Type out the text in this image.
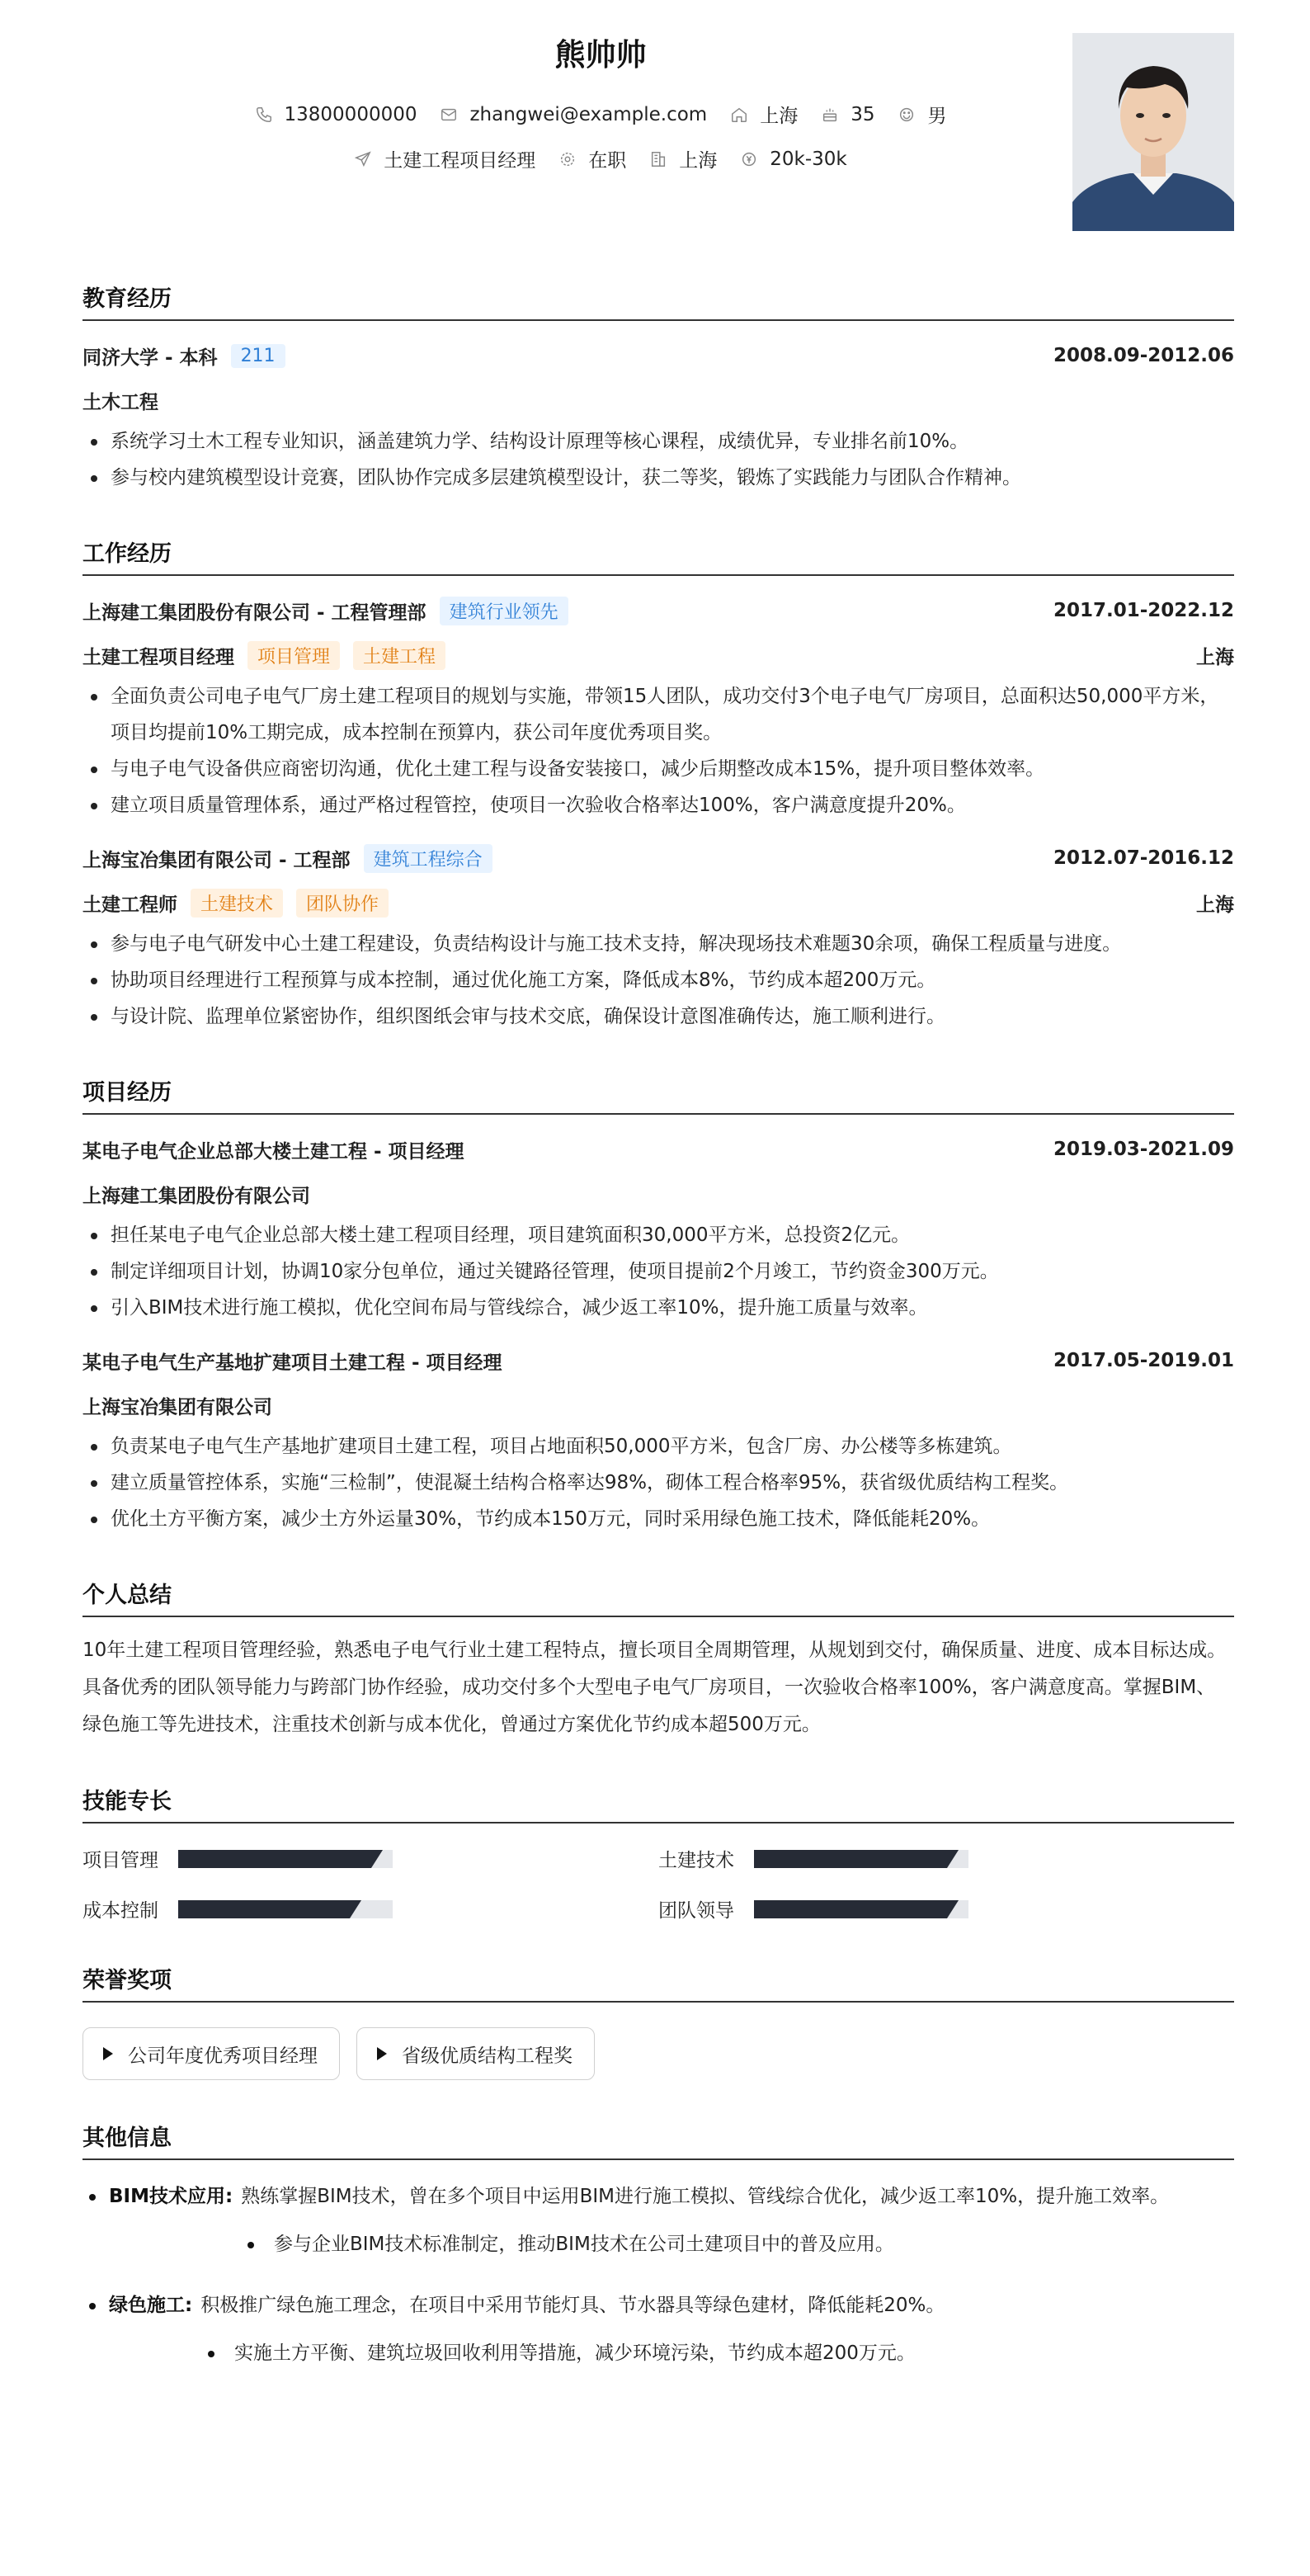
熊帅帅
13800000000	zhangwei@example.com	上海	35	男
土建工程项目经理	在职	上海	20k-30k
教育经历
同济大学 - 本科	211	2008.09-2012.06
土木工程
系统学习土木工程专业知识，涵盖建筑力学、结构设计原理等核心课程，成绩优异，专业排名前10%。
参与校内建筑模型设计竞赛，团队协作完成多层建筑模型设计，获二等奖，锻炼了实践能力与团队合作精神。
工作经历
上海建工集团股份有限公司 - 工程管理部	建筑行业领先	2017.01-2022.12
土建工程项目经理	项目管理	土建工程	上海
全面负责公司电子电气厂房土建工程项目的规划与实施，带领15人团队，成功交付3个电子电气厂房项目，总面积达50,000平方米，项目均提前10%工期完成，成本控制在预算内，获公司年度优秀项目奖。
与电子电气设备供应商密切沟通，优化土建工程与设备安装接口，减少后期整改成本15%，提升项目整体效率。
建立项目质量管理体系，通过严格过程管控，使项目一次验收合格率达100%，客户满意度提升20%。
上海宝冶集团有限公司 - 工程部	建筑工程综合	2012.07-2016.12
土建工程师	土建技术	团队协作	上海
参与电子电气研发中心土建工程建设，负责结构设计与施工技术支持，解决现场技术难题30余项，确保工程质量与进度。
协助项目经理进行工程预算与成本控制，通过优化施工方案，降低成本8%，节约成本超200万元。
与设计院、监理单位紧密协作，组织图纸会审与技术交底，确保设计意图准确传达，施工顺利进行。
项目经历
某电子电气企业总部大楼土建工程 - 项目经理	2019.03-2021.09
上海建工集团股份有限公司
担任某电子电气企业总部大楼土建工程项目经理，项目建筑面积30,000平方米，总投资2亿元。
制定详细项目计划，协调10家分包单位，通过关键路径管理，使项目提前2个月竣工，节约资金300万元。
引入BIM技术进行施工模拟，优化空间布局与管线综合，减少返工率10%，提升施工质量与效率。
某电子电气生产基地扩建项目土建工程 - 项目经理	2017.05-2019.01
上海宝冶集团有限公司
负责某电子电气生产基地扩建项目土建工程，项目占地面积50,000平方米，包含厂房、办公楼等多栋建筑。
建立质量管控体系，实施“三检制”，使混凝土结构合格率达98%，砌体工程合格率95%，获省级优质结构工程奖。
优化土方平衡方案，减少土方外运量30%，节约成本150万元，同时采用绿色施工技术，降低能耗20%。
个人总结
10年土建工程项目管理经验，熟悉电子电气行业土建工程特点，擅长项目全周期管理，从规划到交付，确保质量、进度、成本目标达成。具备优秀的团队领导能力与跨部门协作经验，成功交付多个大型电子电气厂房项目，一次验收合格率100%，客户满意度高。掌握BIM、绿色施工等先进技术，注重技术创新与成本优化，曾通过方案优化节约成本超500万元。
技能专长
项目管理	土建技术
成本控制	团队领导
荣誉奖项
公司年度优秀项目经理	省级优质结构工程奖
其他信息
BIM技术应用: 熟练掌握BIM技术，曾在多个项目中运用BIM进行施工模拟、管线综合优化，减少返工率10%，提升施工效率。
参与企业BIM技术标准制定，推动BIM技术在公司土建项目中的普及应用。
绿色施工: 积极推广绿色施工理念，在项目中采用节能灯具、节水器具等绿色建材，降低能耗20%。
实施土方平衡、建筑垃圾回收利用等措施，减少环境污染，节约成本超200万元。
